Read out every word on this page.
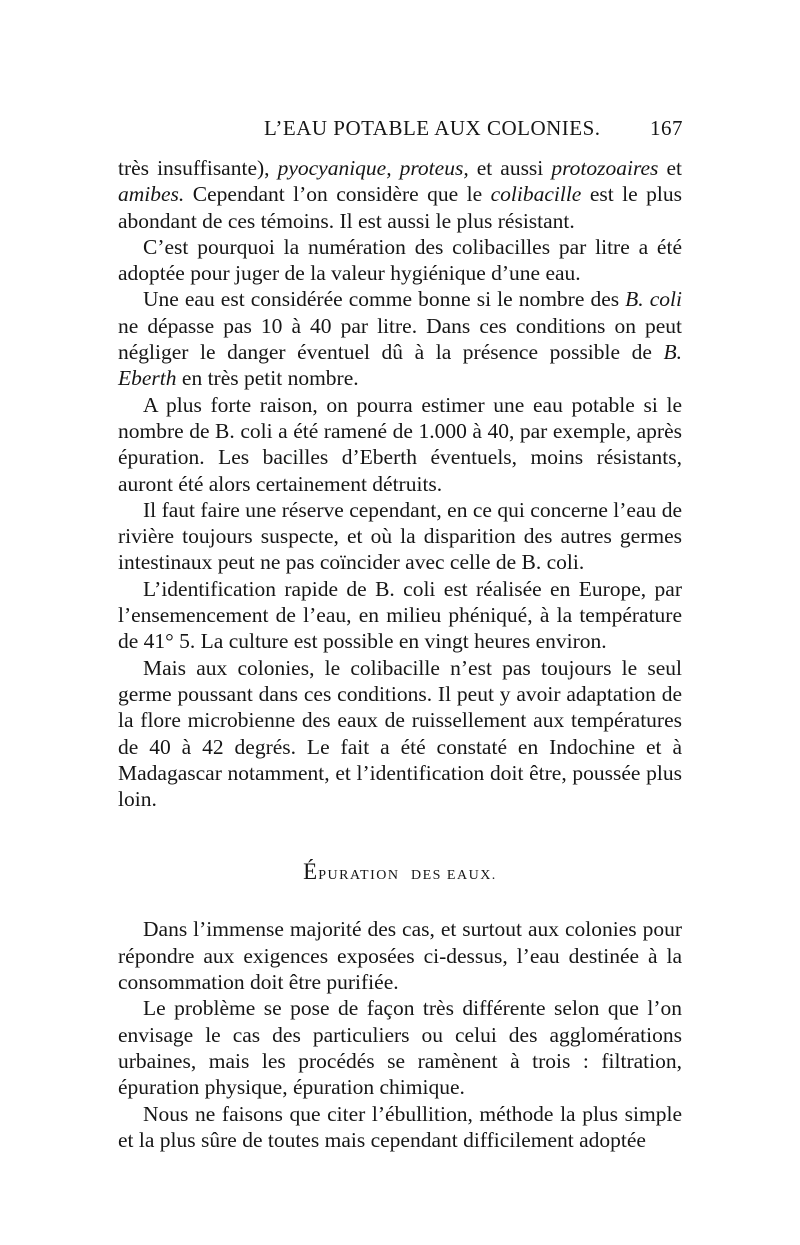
L’EAU POTABLE AUX COLONIES. 167

très insuffisante), pyocyanique, proteus, et aussi protozoaires et amibes. Cependant l’on considère que le colibacille est le plus abondant de ces témoins. Il est aussi le plus résistant.

C’est pourquoi la numération des colibacilles par litre a été adoptée pour juger de la valeur hygiénique d’une eau.

Une eau est considérée comme bonne si le nombre des B. coli ne dépasse pas 10 à 40 par litre. Dans ces conditions on peut négliger le danger éventuel dû à la présence possible de B. Eberth en très petit nombre.

A plus forte raison, on pourra estimer une eau potable si le nombre de B. coli a été ramené de 1.000 à 40, par exemple, après épuration. Les bacilles d’Eberth éventuels, moins résistants, auront été alors certainement détruits.

Il faut faire une réserve cependant, en ce qui concerne l’eau de rivière toujours suspecte, et où la disparition des autres germes intestinaux peut ne pas coïncider avec celle de B. coli.

L’identification rapide de B. coli est réalisée en Europe, par l’ensemencement de l’eau, en milieu phéniqué, à la température de 41° 5. La culture est possible en vingt heures environ.

Mais aux colonies, le colibacille n’est pas toujours le seul germe poussant dans ces conditions. Il peut y avoir adaptation de la flore microbienne des eaux de ruissellement aux températures de 40 à 42 degrés. Le fait a été constaté en Indochine et à Madagascar notamment, et l’identification doit être, poussée plus loin.

ÉPURATION DES EAUX.

Dans l’immense majorité des cas, et surtout aux colonies pour répondre aux exigences exposées ci-dessus, l’eau destinée à la consommation doit être purifiée.

Le problème se pose de façon très différente selon que l’on envisage le cas des particuliers ou celui des agglomérations urbaines, mais les procédés se ramènent à trois : filtration, épuration physique, épuration chimique.

Nous ne faisons que citer l’ébullition, méthode la plus simple et la plus sûre de toutes mais cependant difficilement adoptée
